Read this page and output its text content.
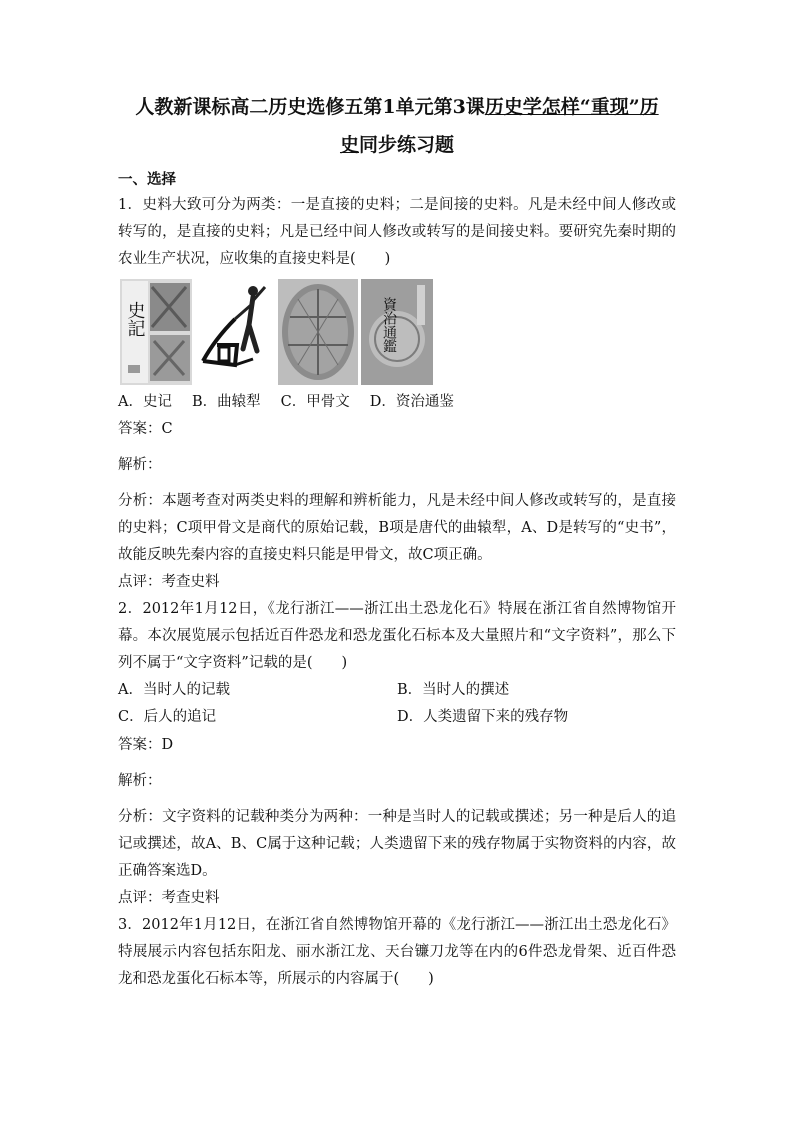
人教新课标高二历史选修五第1单元第3课历史学怎样“重现”历
史同步练习题
一、选择
1．史料大致可分为两类：一是直接的史料；二是间接的史料。凡是未经中间人修改或转写的，是直接的史料；凡是已经中间人修改或转写的是间接史料。要研究先秦时期的农业生产状况，应收集的直接史料是(　　)
史記	資治通鑑
A．史记 B．曲辕犁 C．甲骨文 D．资治通鉴
答案：C
解析：
分析：本题考查对两类史料的理解和辨析能力，凡是未经中间人修改或转写的，是直接的史料；C项甲骨文是商代的原始记载，B项是唐代的曲辕犁，A、D是转写的“史书”，故能反映先秦内容的直接史料只能是甲骨文，故C项正确。
点评：考查史料
2．2012年1月12日，《龙行浙江——浙江出土恐龙化石》特展在浙江省自然博物馆开幕。本次展览展示包括近百件恐龙和恐龙蛋化石标本及大量照片和“文字资料”，那么下列不属于“文字资料”记载的是(　　)
A．当时人的记载	B．当时人的撰述
C．后人的追记	D．人类遗留下来的残存物
答案：D
解析：
分析：文字资料的记载种类分为两种：一种是当时人的记载或撰述；另一种是后人的追记或撰述，故A、B、C属于这种记载；人类遗留下来的残存物属于实物资料的内容，故正确答案选D。
点评：考查史料
3．2012年1月12日，在浙江省自然博物馆开幕的《龙行浙江——浙江出土恐龙化石》特展展示内容包括东阳龙、丽水浙江龙、天台镰刀龙等在内的6件恐龙骨架、近百件恐龙和恐龙蛋化石标本等，所展示的内容属于(　　)
